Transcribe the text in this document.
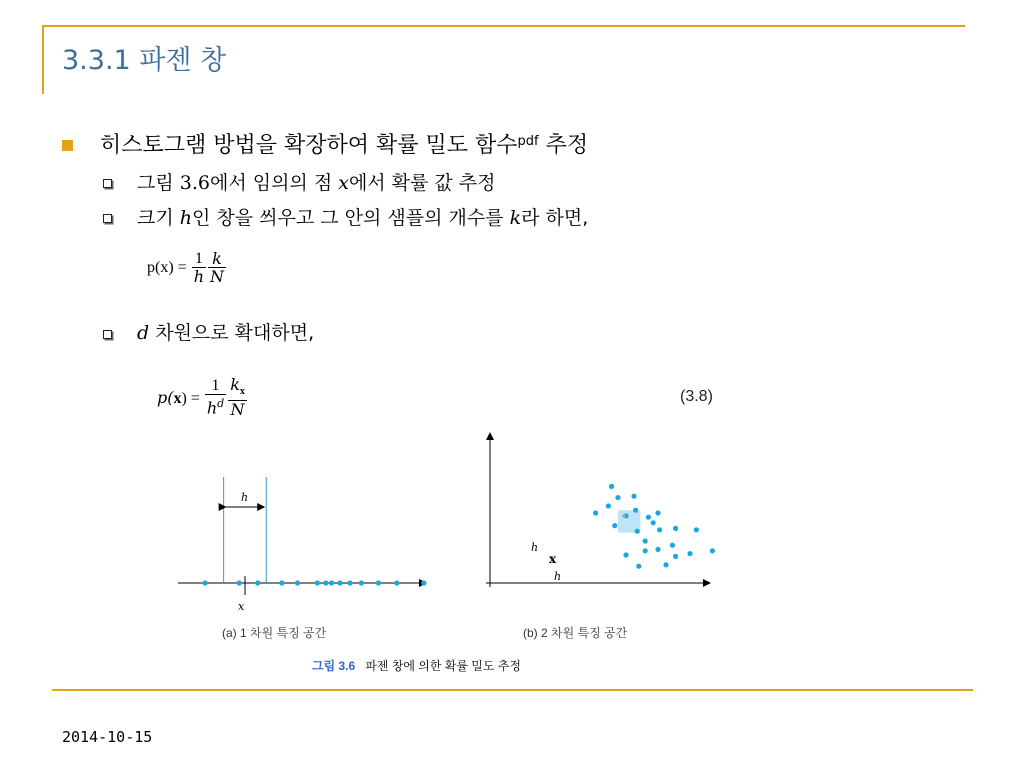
3.3.1 파젠 창
히스토그램 방법을 확장하여 확률 밀도 함수$^{pdf}$ 추정
그림 3.6에서 임의의 점 x에서 확률 값 추정
크기 h인 창을 씌우고 그 안의 샘플의 개수를 k라 하면,
$p(x) = \frac{1}{h} \frac{k}{N}$
d 차원으로 확대하면,
$p(x) = \frac{1}{h^d} \frac{k_x}{N}$	(3.8)
x
h
h
h
x
(a) 1 차원 특징 공간	(b) 2 차원 특징 공간
그림 3.6 파젠 창에 의한 확률 밀도 추정
2014-10-15
